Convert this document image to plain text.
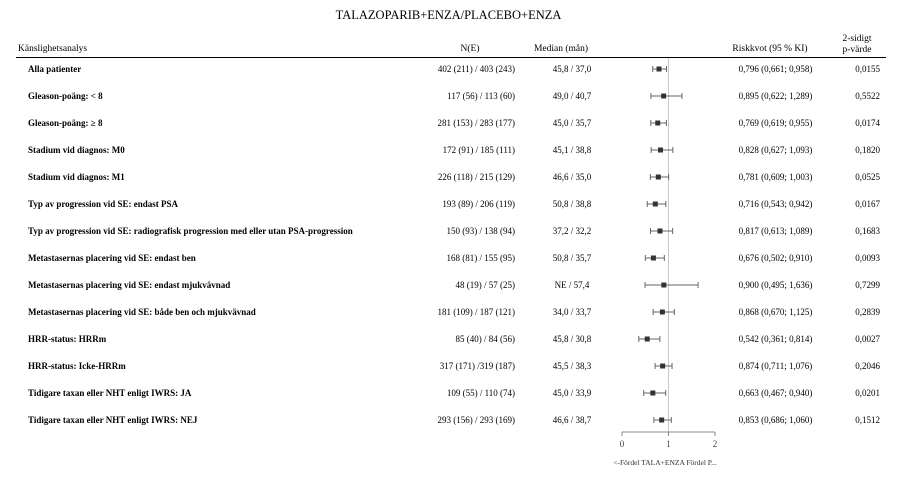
TALAZOPARIB+ENZA/PLACEBO+ENZA
Känslighetsanalys	N(E)	Median (mån)	Riskkvot (95 % KI)
2-sidigt
p-värde
Alla patienter	402 (211) / 403 (243)	45,8 / 37,0	0,796 (0,661; 0,958)	0,0155
Gleason-poäng: < 8	117 (56) / 113 (60)	49,0 / 40,7	0,895 (0,622; 1,289)	0,5522
Gleason-poäng: ≥ 8	281 (153) / 283 (177)	45,0 / 35,7	0,769 (0,619; 0,955)	0,0174
Stadium vid diagnos: M0	172 (91) / 185 (111)	45,1 / 38,8	0,828 (0,627; 1,093)	0,1820
Stadium vid diagnos: M1	226 (118) / 215 (129)	46,6 / 35,0	0,781 (0,609; 1,003)	0,0525
Typ av progression vid SE: endast PSA	193 (89) / 206 (119)	50,8 / 38,8	0,716 (0,543; 0,942)	0,0167
Typ av progression vid SE: radiografisk progression med eller utan PSA-progression	150 (93) / 138 (94)	37,2 / 32,2	0,817 (0,613; 1,089)	0,1683
Metastasernas placering vid SE: endast ben	168 (81) / 155 (95)	50,8 / 35,7	0,676 (0,502; 0,910)	0,0093
Metastasernas placering vid SE: endast mjukvävnad	48 (19) / 57 (25)	NE / 57,4	0,900 (0,495; 1,636)	0,7299
Metastasernas placering vid SE: både ben och mjukvävnad	181 (109) / 187 (121)	34,0 / 33,7	0,868 (0,670; 1,125)	0,2839
HRR-status: HRRm	85 (40) / 84 (56)	45,8 / 30,8	0,542 (0,361; 0,814)	0,0027
HRR-status: Icke-HRRm	317 (171) /319 (187)	45,5 / 38,3	0,874 (0,711; 1,076)	0,2046
Tidigare taxan eller NHT enligt IWRS: JA	109 (55) / 110 (74)	45,0 / 33,9	0,663 (0,467; 0,940)	0,0201
Tidigare taxan eller NHT enligt IWRS: NEJ	293 (156) / 293 (169)	46,6 / 38,7	0,853 (0,686; 1,060)	0,1512
0	1	2
<-Fördel TALA+ENZA Fördel P...
